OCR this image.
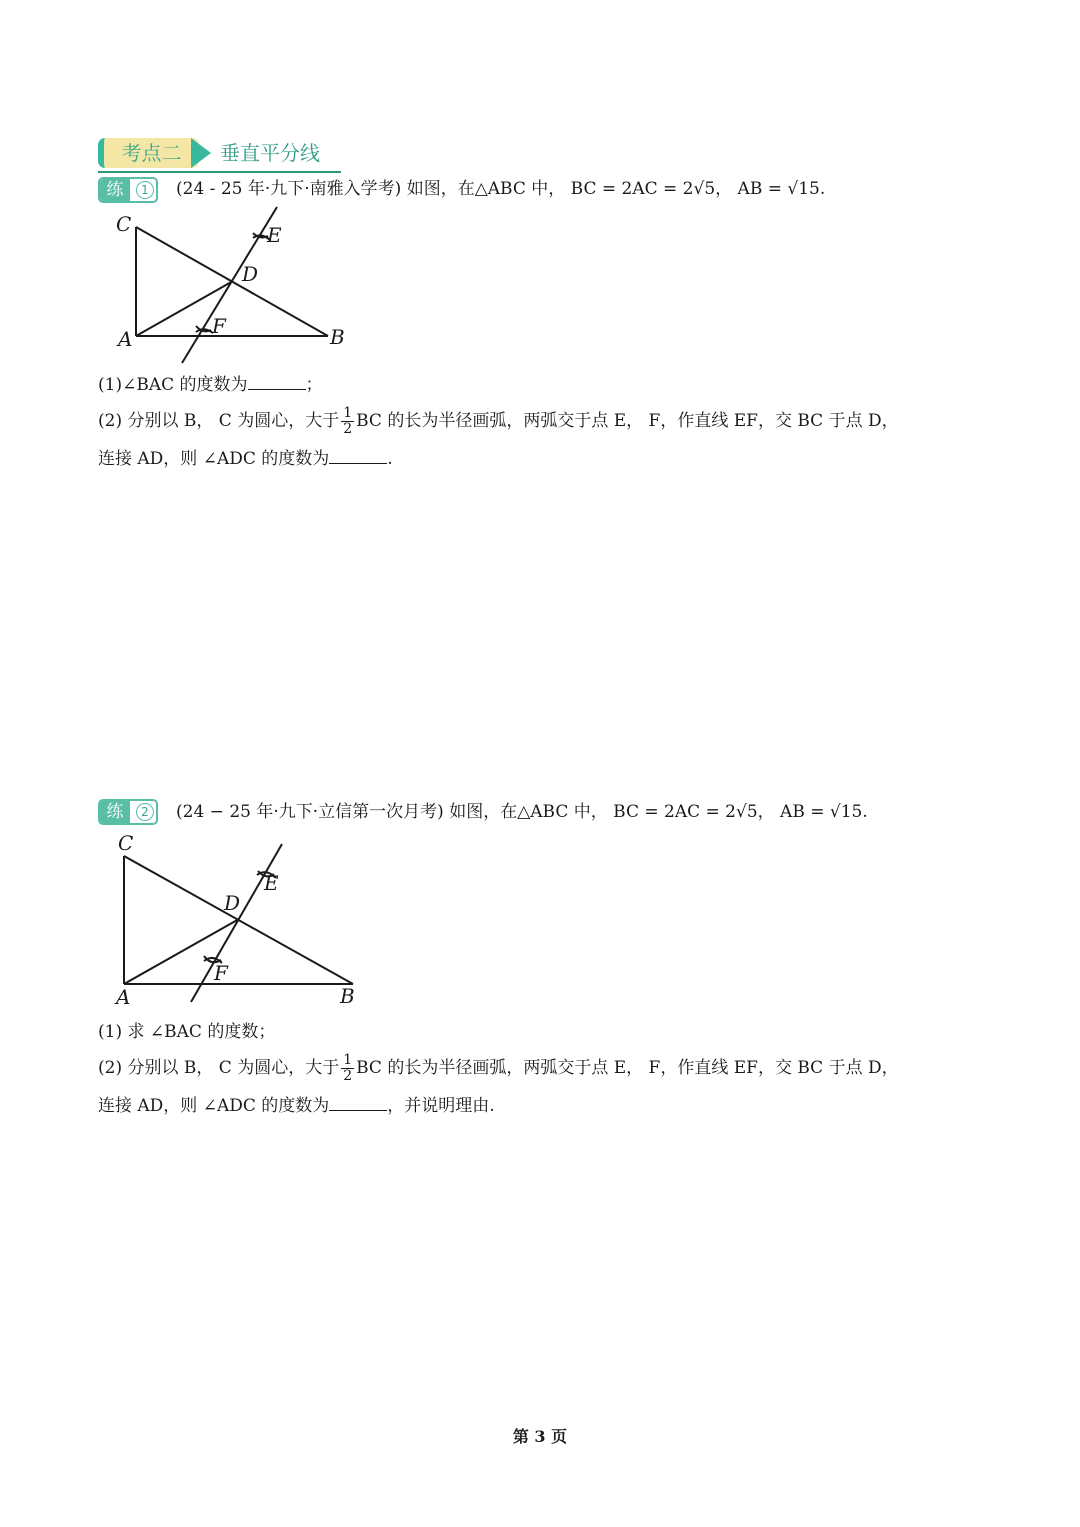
考点二	垂直平分线
练	1	(24 - 25 年·九下·南雅入学考) 如图，在△ABC 中， BC = 2AC = 2√5， AB = √15.
C	E
D
F
A	B
(1)∠BAC 的度数为	；
(2) 分别以 B， C 为圆心，大于 $\frac{1}{2}$ BC 的长为半径画弧，两弧交于点 E， F，作直线 EF，交 BC 于点 D，
连接 AD，则 ∠ADC 的度数为	.
练	2	(24 − 25 年·九下·立信第一次月考) 如图，在△ABC 中， BC = 2AC = 2√5， AB = √15.
C
E
D
F
A	B
(1) 求 ∠BAC 的度数；
(2) 分别以 B， C 为圆心，大于 $\frac{1}{2}$ BC 的长为半径画弧，两弧交于点 E， F，作直线 EF，交 BC 于点 D，
连接 AD，则 ∠ADC 的度数为	，并说明理由.
第 3 页
